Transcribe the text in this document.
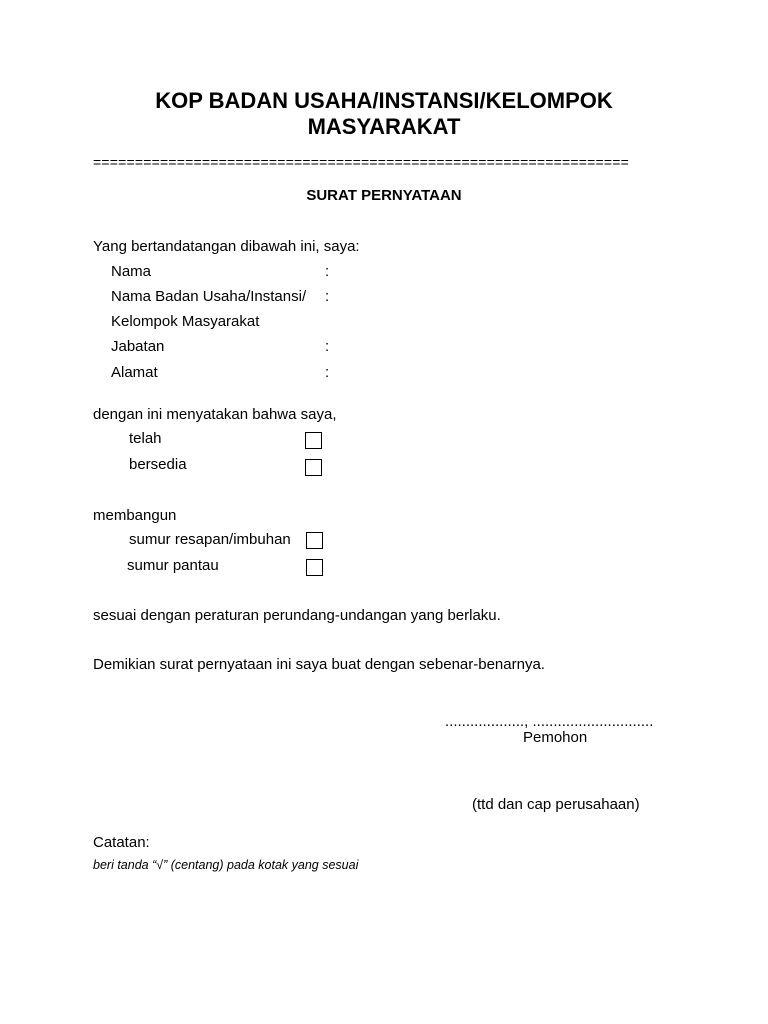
KOP BADAN USAHA/INSTANSI/KELOMPOK
MASYARAKAT
================================================================
SURAT PERNYATAAN
Yang bertandatangan dibawah ini, saya:
Nama	:
Nama Badan Usaha/Instansi/ :
Kelompok Masyarakat
Jabatan	:
Alamat	:
dengan ini menyatakan bahwa saya,
telah
bersedia
membangun
sumur resapan/imbuhan
sumur pantau
sesuai dengan peraturan perundang-undangan yang berlaku.
Demikian surat pernyataan ini saya buat dengan sebenar-benarnya.
..................., .............................
Pemohon
(ttd dan cap perusahaan)
Catatan:
beri tanda “√” (centang) pada kotak yang sesuai
